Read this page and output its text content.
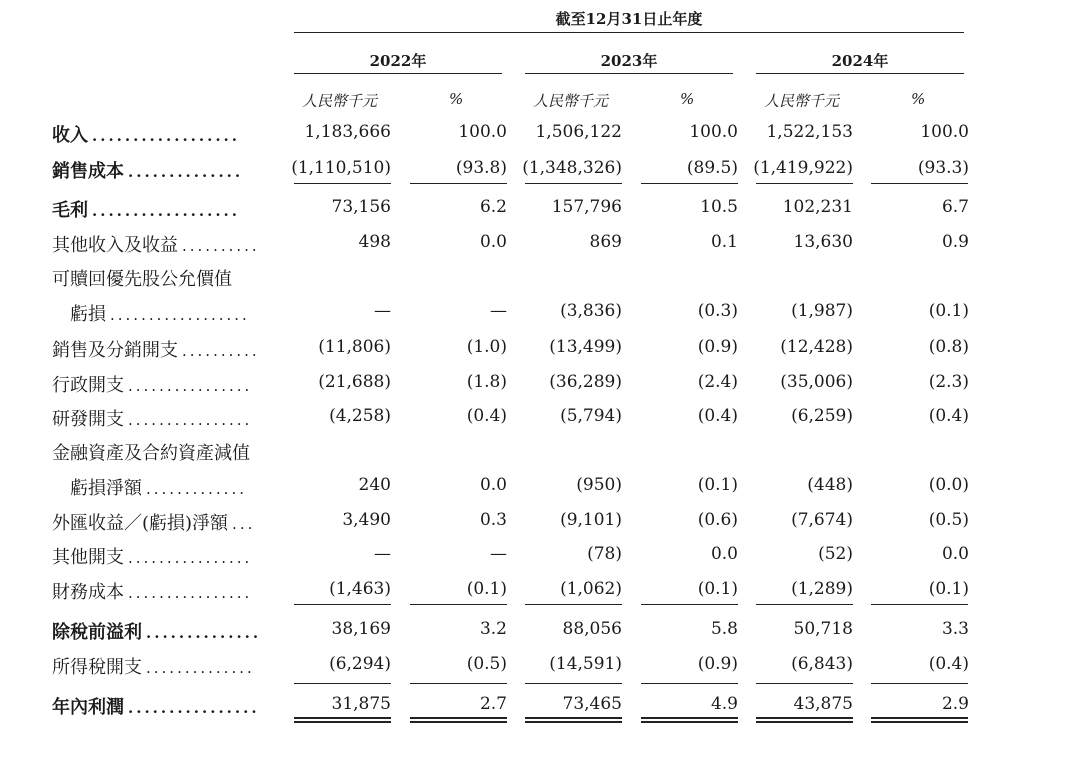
截至12月31日止年度
2022年	2023年	2024年
人民幣千元	%	人民幣千元	%	人民幣千元	%
收入 ..................	1,183,666	100.0 1,506,122	100.0 1,522,153	100.0
銷售成本 ..............	(1,110,510)	(93.8) (1,348,326)	(89.5) (1,419,922)	(93.3)
毛利 ..................	73,156	6.2	157,796	10.5	102,231	6.7
其他收入及收益 ..........	498	0.0	869	0.1	13,630	0.9
可贖回優先股公允價值
　虧損 ..................	—	—	(3,836)	(0.3)	(1,987)	(0.1)
銷售及分銷開支 ..........	(11,806)	(1.0) (13,499)	(0.9) (12,428)	(0.8)
行政開支 ................	(21,688)	(1.8) (36,289)	(2.4) (35,006)	(2.3)
研發開支 ................	(4,258)	(0.4)	(5,794)	(0.4)	(6,259)	(0.4)
金融資產及合約資產減值
　虧損淨額 .............	240	0.0	(950)	(0.1)	(448)	(0.0)
外匯收益／(虧損)淨額 ...	3,490	0.3	(9,101)	(0.6)	(7,674)	(0.5)
其他開支 ................	—	—	(78)	0.0	(52)	0.0
財務成本 ................	(1,463)	(0.1)	(1,062)	(0.1)	(1,289)	(0.1)
除稅前溢利 ..............	38,169	3.2	88,056	5.8	50,718	3.3
所得稅開支 ..............	(6,294)	(0.5) (14,591)	(0.9)	(6,843)	(0.4)
年內利潤 ................	31,875	2.7	73,465	4.9	43,875	2.9
